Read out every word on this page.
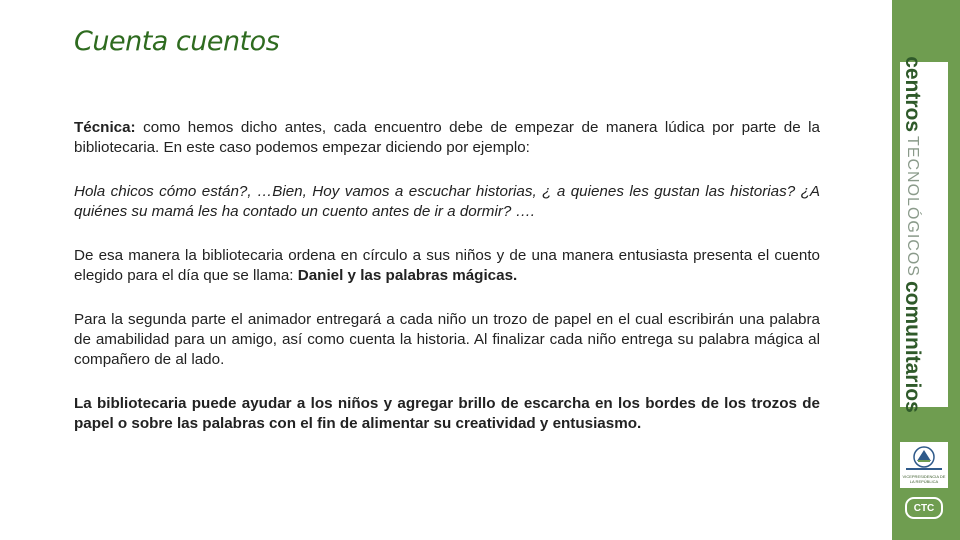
Cuenta cuentos

Técnica: como hemos dicho antes, cada encuentro debe de empezar de manera lúdica por parte de la bibliotecaria. En este caso podemos empezar diciendo por ejemplo:

Hola chicos cómo están?, …Bien, Hoy vamos a escuchar historias, ¿ a quienes les gustan las historias? ¿A quiénes su mamá les ha contado un cuento antes de ir a dormir? ….

De esa manera la bibliotecaria ordena en círculo a sus niños y de una manera entusiasta presenta el cuento elegido para el día que se llama: Daniel y las palabras mágicas.

Para la segunda parte el animador entregará a cada niño un trozo de papel en el cual escribirán una palabra de amabilidad para un amigo, así como cuenta la historia. Al finalizar cada niño entrega su palabra mágica al compañero de al lado.

La bibliotecaria puede ayudar a los niños y agregar brillo de escarcha en los bordes de los trozos de papel o sobre las palabras con el fin de alimentar su creatividad y entusiasmo.

centros
TECNOLÓGICOS
comunitarios
VICEPRESIDENCIA DE LA REPÚBLICA
CTC
